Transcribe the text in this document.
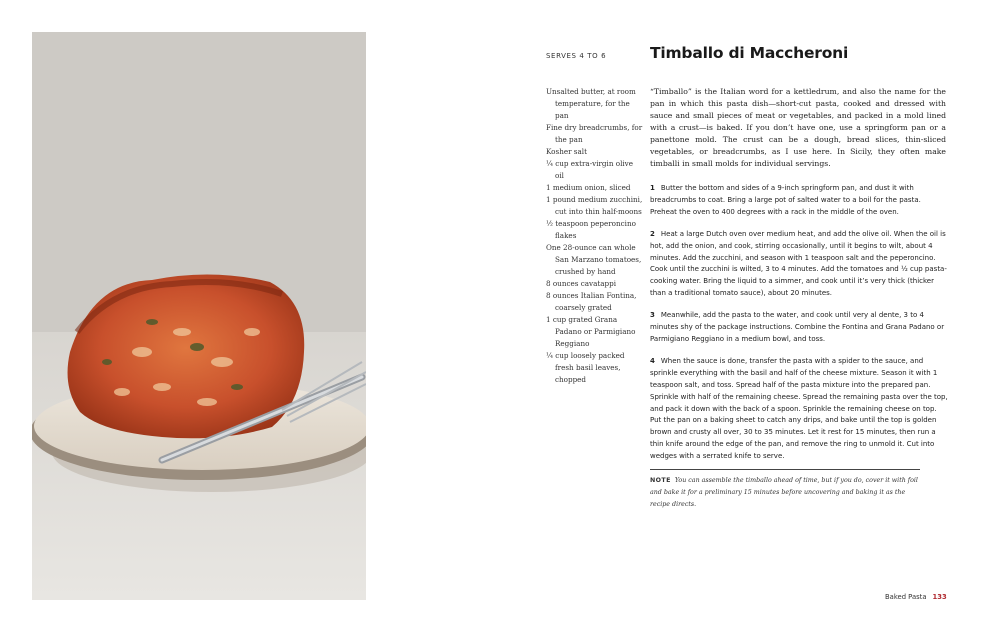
SERVES 4 TO 6	Timballo di Maccheroni
Unsalted butter, at room temperature, for the pan
Fine dry breadcrumbs, for the pan
Kosher salt
¼ cup extra-virgin olive oil
1 medium onion, sliced
1 pound medium zucchini, cut into thin half-moons
½ teaspoon peperoncino flakes
One 28-ounce can whole San Marzano tomatoes, crushed by hand
8 ounces cavatappi
8 ounces Italian Fontina, coarsely grated
1 cup grated Grana Padano or Parmigiano Reggiano
¼ cup loosely packed fresh basil leaves, chopped

“Timballo” is the Italian word for a kettledrum, and also the name for the pan in which this pasta dish—short-cut pasta, cooked and dressed with sauce and small pieces of meat or vegetables, and packed in a mold lined with a crust—is baked. If you don’t have one, use a springform pan or a panettone mold. The crust can be a dough, bread slices, thin-sliced vegetables, or breadcrumbs, as I use here. In Sicily, they often make timballi in small molds for individual servings.

1 Butter the bottom and sides of a 9-inch springform pan, and dust it with breadcrumbs to coat. Bring a large pot of salted water to a boil for the pasta. Preheat the oven to 400 degrees with a rack in the middle of the oven.

2 Heat a large Dutch oven over medium heat, and add the olive oil. When the oil is hot, add the onion, and cook, stirring occasionally, until it begins to wilt, about 4 minutes. Add the zucchini, and season with 1 teaspoon salt and the peperoncino. Cook until the zucchini is wilted, 3 to 4 minutes. Add the tomatoes and ½ cup pasta-cooking water. Bring the liquid to a simmer, and cook until it’s very thick (thicker than a traditional tomato sauce), about 20 minutes.

3 Meanwhile, add the pasta to the water, and cook until very al dente, 3 to 4 minutes shy of the package instructions. Combine the Fontina and Grana Padano or Parmigiano Reggiano in a medium bowl, and toss.

4 When the sauce is done, transfer the pasta with a spider to the sauce, and sprinkle everything with the basil and half of the cheese mixture. Season it with 1 teaspoon salt, and toss. Spread half of the pasta mixture into the prepared pan. Sprinkle with half of the remaining cheese. Spread the remaining pasta over the top, and pack it down with the back of a spoon. Sprinkle the remaining cheese on top. Put the pan on a baking sheet to catch any drips, and bake until the top is golden brown and crusty all over, 30 to 35 minutes. Let it rest for 15 minutes, then run a thin knife around the edge of the pan, and remove the ring to unmold it. Cut into wedges with a serrated knife to serve.

NOTE You can assemble the timballo ahead of time, but if you do, cover it with foil and bake it for a preliminary 15 minutes before uncovering and baking it as the recipe directs.
Baked Pasta 133
